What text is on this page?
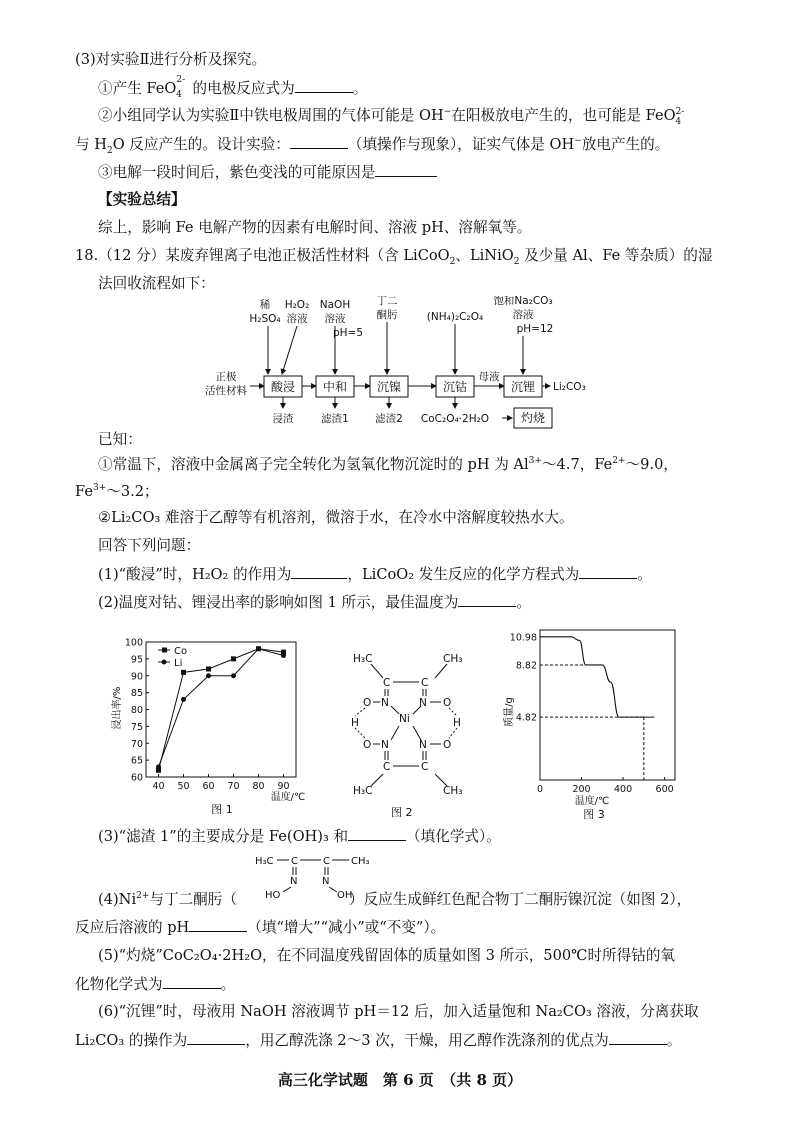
(3)对实验Ⅱ进行分析及探究。
①产生 FeO$^{2-}_4$ 的电极反应式为	。
②小组同学认为实验Ⅱ中铁电极周围的气体可能是 OH−在阳极放电产生的，也可能是 FeO$^{2-}_4$
与 $H_2O$ 反应产生的。设计实验：	（填操作与现象），证实气体是 OH−放电产生的。
③电解一段时间后，紫色变浅的可能原因是
【实验总结】
综上，影响 Fe 电解产物的因素有电解时间、溶液 pH、溶解氧等。
18.（12 分）某废弃锂离子电池正极活性材料（含 LiCoO$_2$、LiNiO$_2$ 及少量 Al、Fe 等杂质）的湿
法回收流程如下：
稀
H₂SO₄
H₂O₂
溶液
NaOH
溶液
pH=5
丁二
酮肟	(NH₄)₂C₂O₄
饱和Na₂CO₃
溶液
pH=12
正极
活性材料 酸浸 中和 沉镍	沉钴	沉锂
灼烧
母液
Li₂CO₃
浸渣	滤渣1	滤渣2 CoC₂O₄·2H₂O
已知：
①常温下，溶液中金属离子完全转化为氢氧化物沉淀时的 pH 为 $Al^{3+}\sim 4.7$，$Fe^{2+}\sim 9.0$，
$Fe^{3+}\sim 3.2$；
②Li₂CO₃ 难溶于乙醇等有机溶剂，微溶于水，在冷水中溶解度较热水大。
回答下列问题：
(1)“酸浸”时，H₂O₂ 的作用为	，LiCoO₂ 发生反应的化学方程式为	。
(2)温度对钴、锂浸出率的影响如图 1 所示，最佳温度为	。
60
65
70
75
80
85
90
95
100
40 50 60 70 80 90
浸出率/%
温度/℃
Co
Li
图 1
H₃C	CH₃
C	C
N	N
O	O
Ni
H	H
O	O
N	N
C	C
H₃C	CH₃
图 2
0	200 400 600
10.98
8.82
4.82
质量/g
温度/℃
图 3
(3)“滤渣 1”的主要成分是 Fe(OH)₃ 和	（填化学式）。
H₃C C	C CH₃
N N
HO	OH
$(4)Ni^{2+}$与丁二酮肟（	）反应生成鲜红色配合物丁二酮肟镍沉淀（如图 2），
反应后溶液的 pH	（填“增大”“减小”或“不变”）。
(5)“灼烧”CoC₂O₄·2H₂O，在不同温度残留固体的质量如图 3 所示，500℃时所得钴的氧
化物化学式为	。
(6)“沉锂”时，母液用 NaOH 溶液调节 pH＝12 后，加入适量饱和 Na₂CO₃ 溶液，分离获取
Li₂CO₃ 的操作为	，用乙醇洗涤 2～3 次，干燥，用乙醇作洗涤剂的优点为	。
高三化学试题　第 6 页　（共 8 页）
